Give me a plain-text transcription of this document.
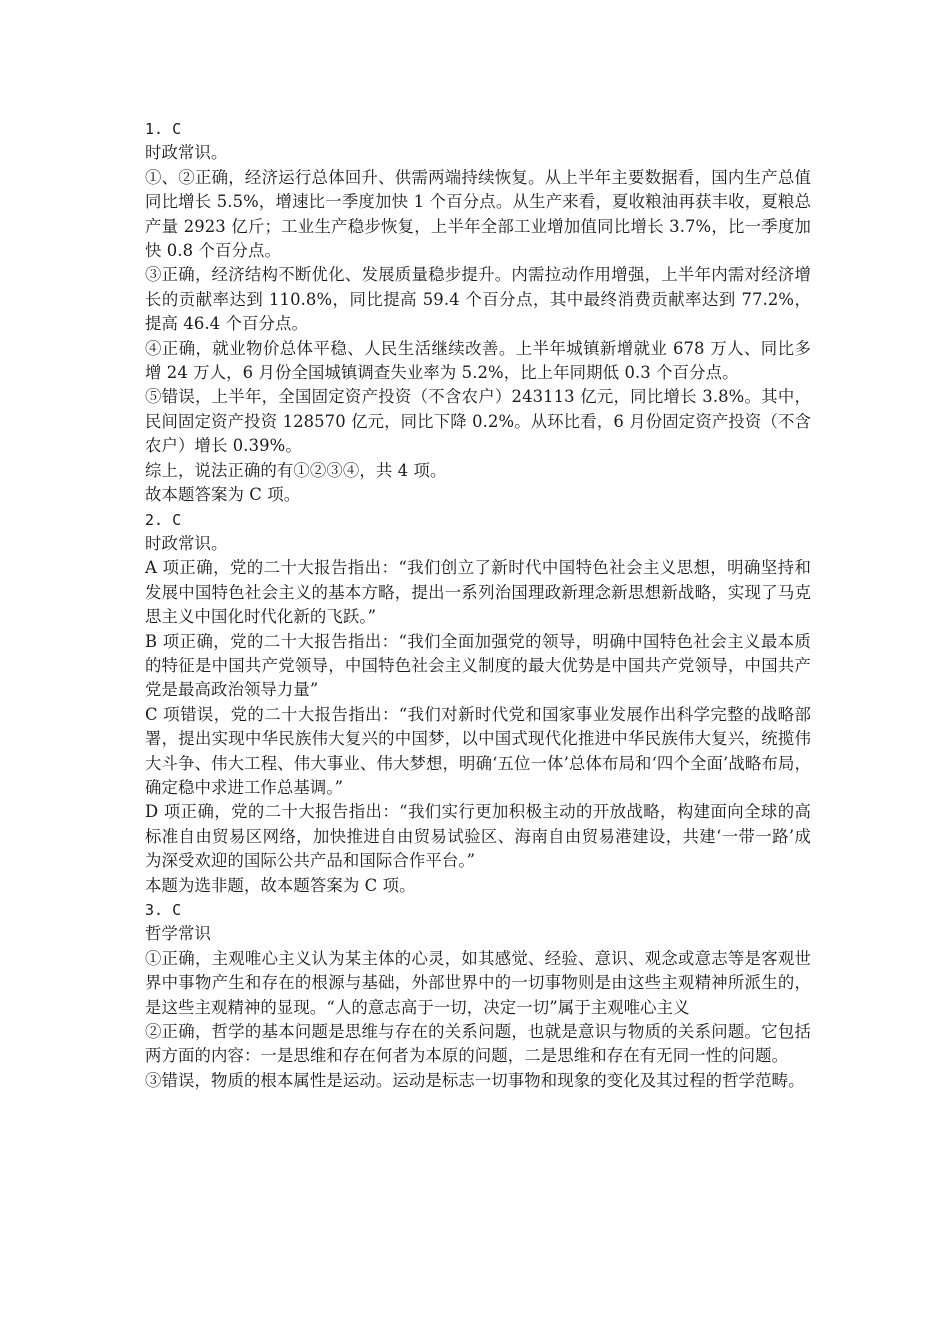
1. C

时政常识。

①、②正确，经济运行总体回升、供需两端持续恢复。从上半年主要数据看，国内生产总值同比增长 5.5%，增速比一季度加快 1 个百分点。从生产来看，夏收粮油再获丰收，夏粮总产量 2923 亿斤；工业生产稳步恢复，上半年全部工业增加值同比增长 3.7%，比一季度加快 0.8 个百分点。

③正确，经济结构不断优化、发展质量稳步提升。内需拉动作用增强，上半年内需对经济增长的贡献率达到 110.8%，同比提高 59.4 个百分点，其中最终消费贡献率达到 77.2%，提高 46.4 个百分点。

④正确，就业物价总体平稳、人民生活继续改善。上半年城镇新增就业 678 万人、同比多增 24 万人，6 月份全国城镇调查失业率为 5.2%，比上年同期低 0.3 个百分点。

⑤错误，上半年，全国固定资产投资（不含农户）243113 亿元，同比增长 3.8%。其中，民间固定资产投资 128570 亿元，同比下降 0.2%。从环比看，6 月份固定资产投资（不含农户）增长 0.39%。

综上，说法正确的有①②③④，共 4 项。

故本题答案为 C 项。

2. C

时政常识。

A 项正确，党的二十大报告指出：“我们创立了新时代中国特色社会主义思想，明确坚持和发展中国特色社会主义的基本方略，提出一系列治国理政新理念新思想新战略，实现了马克思主义中国化时代化新的飞跃。”

B 项正确，党的二十大报告指出：“我们全面加强党的领导，明确中国特色社会主义最本质的特征是中国共产党领导，中国特色社会主义制度的最大优势是中国共产党领导，中国共产党是最高政治领导力量”

C 项错误，党的二十大报告指出：“我们对新时代党和国家事业发展作出科学完整的战略部署，提出实现中华民族伟大复兴的中国梦，以中国式现代化推进中华民族伟大复兴，统揽伟大斗争、伟大工程、伟大事业、伟大梦想，明确‘五位一体’总体布局和‘四个全面’战略布局，确定稳中求进工作总基调。”

D 项正确，党的二十大报告指出：“我们实行更加积极主动的开放战略，构建面向全球的高标准自由贸易区网络，加快推进自由贸易试验区、海南自由贸易港建设，共建‘一带一路’成为深受欢迎的国际公共产品和国际合作平台。”

本题为选非题，故本题答案为 C 项。

3. C

哲学常识

①正确，主观唯心主义认为某主体的心灵，如其感觉、经验、意识、观念或意志等是客观世界中事物产生和存在的根源与基础，外部世界中的一切事物则是由这些主观精神所派生的，是这些主观精神的显现。“人的意志高于一切，决定一切”属于主观唯心主义

②正确，哲学的基本问题是思维与存在的关系问题，也就是意识与物质的关系问题。它包括两方面的内容：一是思维和存在何者为本原的问题，二是思维和存在有无同一性的问题。

③错误，物质的根本属性是运动。运动是标志一切事物和现象的变化及其过程的哲学范畴。
